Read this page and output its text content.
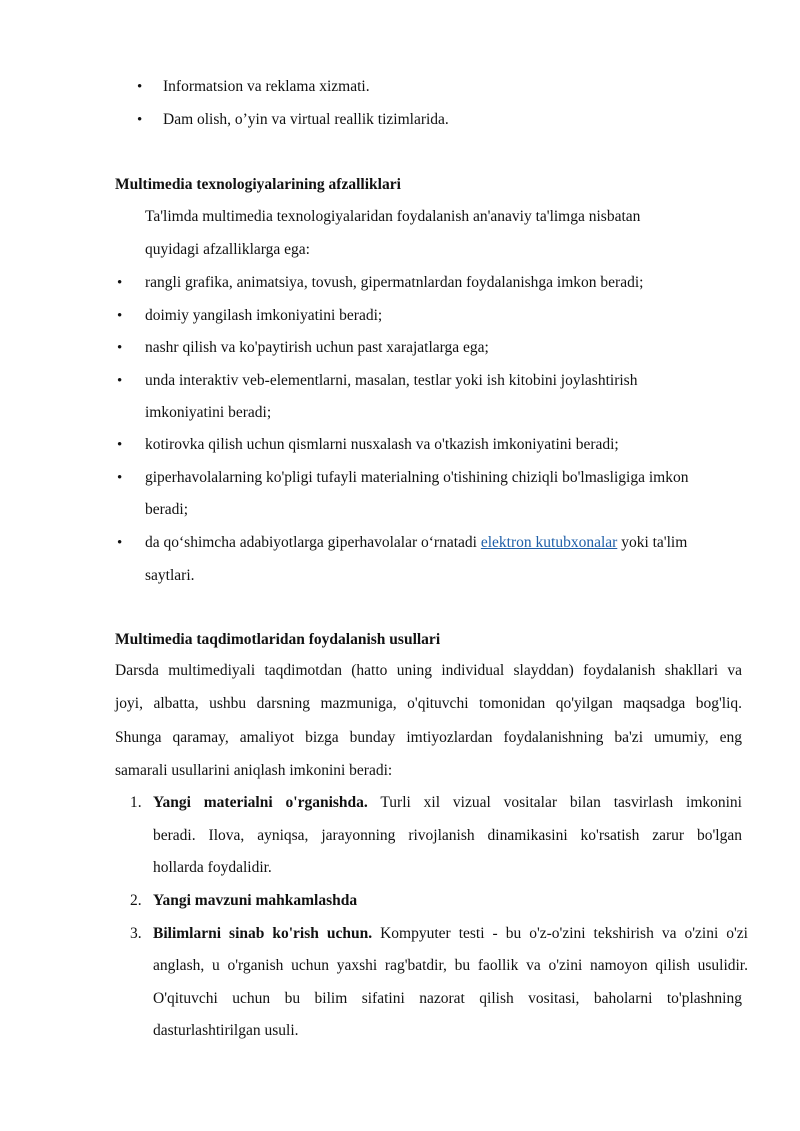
• Informatsion va reklama xizmati.
• Dam olish, o’yin va virtual reallik tizimlarida.
Multimedia texnologiyalarining afzalliklari
Ta'limda multimedia texnologiyalaridan foydalanish an'anaviy ta'limga nisbatan
quyidagi afzalliklarga ega:
• rangli grafika, animatsiya, tovush, gipermatnlardan foydalanishga imkon beradi;
• doimiy yangilash imkoniyatini beradi;
• nashr qilish va ko'paytirish uchun past xarajatlarga ega;
• unda interaktiv veb-elementlarni, masalan, testlar yoki ish kitobini joylashtirish
imkoniyatini beradi;
• kotirovka qilish uchun qismlarni nusxalash va o'tkazish imkoniyatini beradi;
• giperhavolalarning ko'pligi tufayli materialning o'tishining chiziqli bo'lmasligiga imkon
beradi;
• da qo‘shimcha adabiyotlarga giperhavolalar o‘rnatadi elektron kutubxonalar yoki ta'lim
saytlari.
Multimedia taqdimotlaridan foydalanish usullari
Darsda multimediyali taqdimotdan (hatto uning individual slayddan) foydalanish shakllari va
joyi, albatta, ushbu darsning mazmuniga, o'qituvchi tomonidan qo'yilgan maqsadga bog'liq.
Shunga qaramay, amaliyot bizga bunday imtiyozlardan foydalanishning ba'zi umumiy, eng
samarali usullarini aniqlash imkonini beradi:
1. Yangi materialni o'rganishda. Turli xil vizual vositalar bilan tasvirlash imkonini
beradi. Ilova, ayniqsa, jarayonning rivojlanish dinamikasini ko'rsatish zarur bo'lgan
hollarda foydalidir.
2. Yangi mavzuni mahkamlashda
3. Bilimlarni sinab ko'rish uchun. Kompyuter testi - bu o'z-o'zini tekshirish va o'zini o'zi
anglash, u o'rganish uchun yaxshi rag'batdir, bu faollik va o'zini namoyon qilish usulidir.
O'qituvchi uchun bu bilim sifatini nazorat qilish vositasi, baholarni to'plashning
dasturlashtirilgan usuli.
